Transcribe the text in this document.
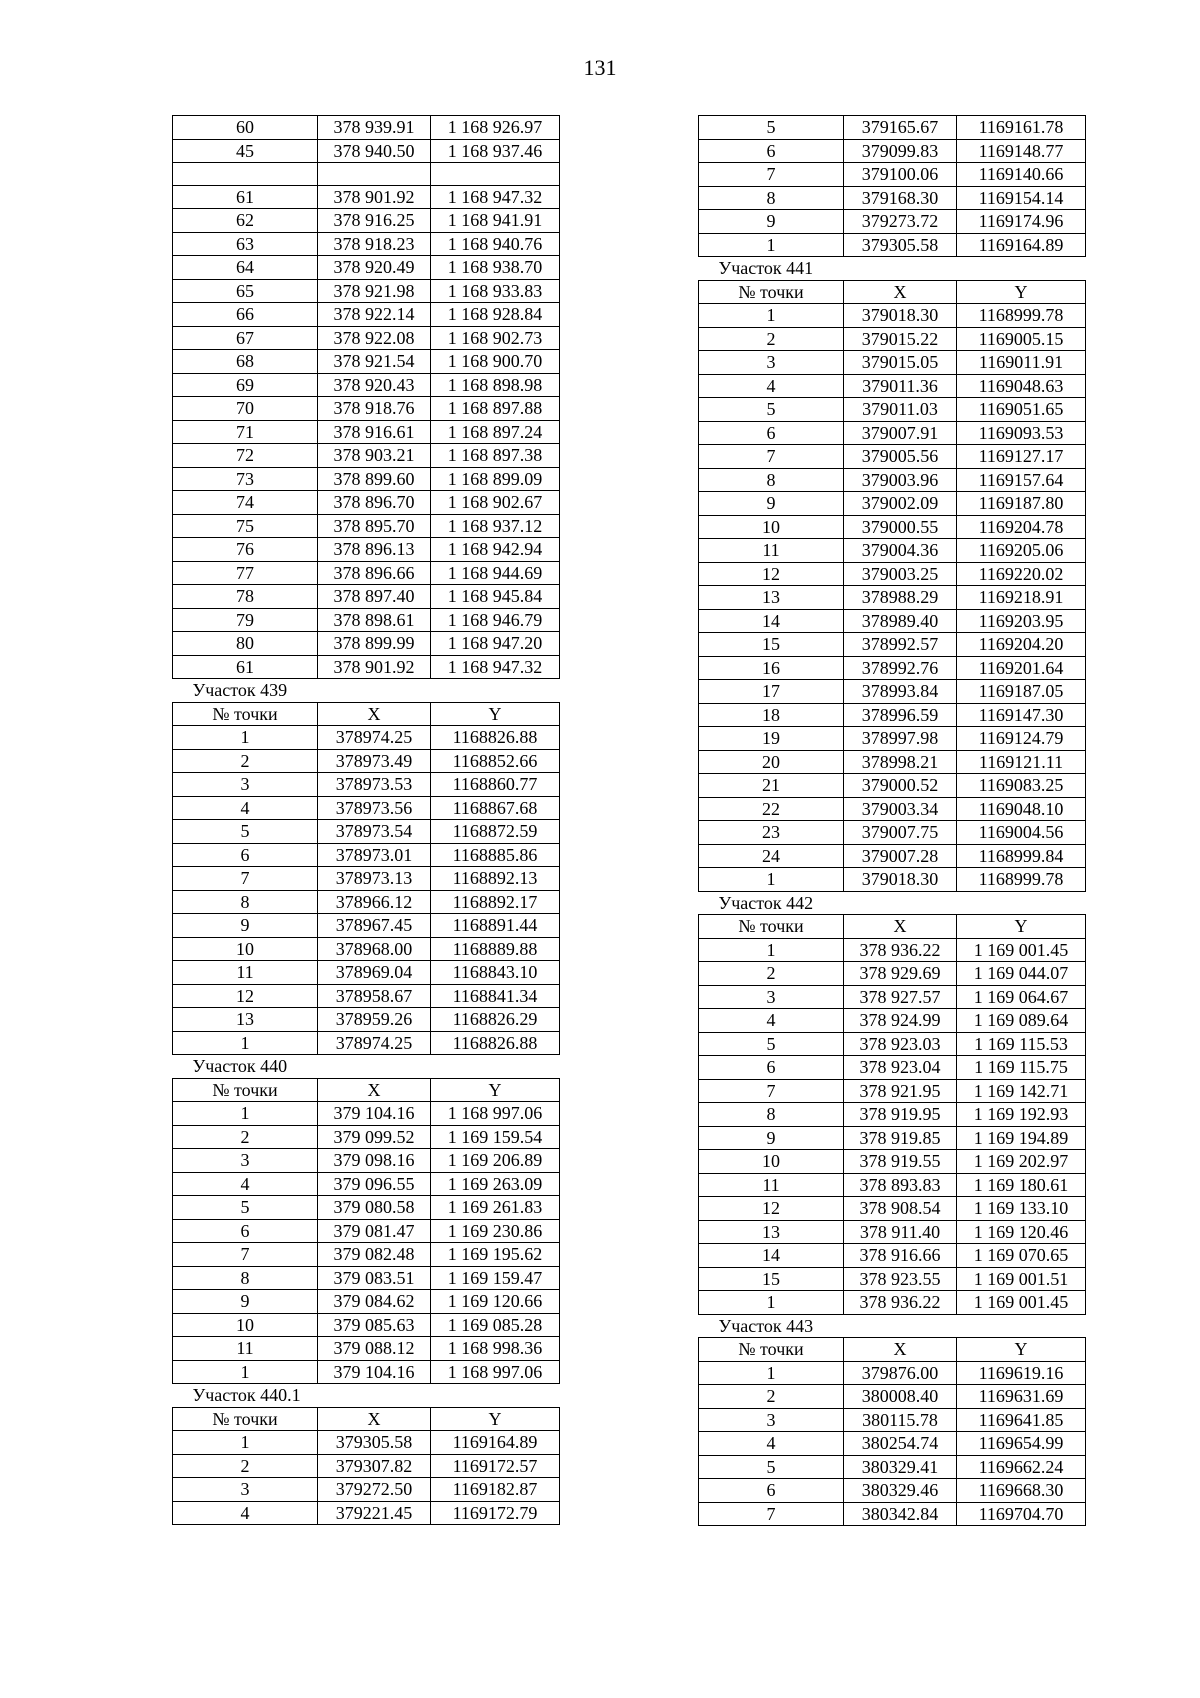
131
60	378 939.91	1 168 926.97
45	378 940.50	1 168 937.46

61	378 901.92	1 168 947.32
62	378 916.25	1 168 941.91
63	378 918.23	1 168 940.76
64	378 920.49	1 168 938.70
65	378 921.98	1 168 933.83
66	378 922.14	1 168 928.84
67	378 922.08	1 168 902.73
68	378 921.54	1 168 900.70
69	378 920.43	1 168 898.98
70	378 918.76	1 168 897.88
71	378 916.61	1 168 897.24
72	378 903.21	1 168 897.38
73	378 899.60	1 168 899.09
74	378 896.70	1 168 902.67
75	378 895.70	1 168 937.12
76	378 896.13	1 168 942.94
77	378 896.66	1 168 944.69
78	378 897.40	1 168 945.84
79	378 898.61	1 168 946.79
80	378 899.99	1 168 947.20
61	378 901.92	1 168 947.32
Участок 439		
№ точки	X	Y
1	378974.25	1168826.88
2	378973.49	1168852.66
3	378973.53	1168860.77
4	378973.56	1168867.68
5	378973.54	1168872.59
6	378973.01	1168885.86
7	378973.13	1168892.13
8	378966.12	1168892.17
9	378967.45	1168891.44
10	378968.00	1168889.88
11	378969.04	1168843.10
12	378958.67	1168841.34
13	378959.26	1168826.29
1	378974.25	1168826.88
Участок 440		
№ точки	X	Y
1	379 104.16	1 168 997.06
2	379 099.52	1 169 159.54
3	379 098.16	1 169 206.89
4	379 096.55	1 169 263.09
5	379 080.58	1 169 261.83
6	379 081.47	1 169 230.86
7	379 082.48	1 169 195.62
8	379 083.51	1 169 159.47
9	379 084.62	1 169 120.66
10	379 085.63	1 169 085.28
11	379 088.12	1 168 998.36
1	379 104.16	1 168 997.06
Участок 440.1		
№ точки	X	Y
1	379305.58	1169164.89
2	379307.82	1169172.57
3	379272.50	1169182.87
4	379221.45	1169172.79
5	379165.67	1169161.78
6	379099.83	1169148.77
7	379100.06	1169140.66
8	379168.30	1169154.14
9	379273.72	1169174.96
1	379305.58	1169164.89
Участок 441		
№ точки	X	Y
1	379018.30	1168999.78
2	379015.22	1169005.15
3	379015.05	1169011.91
4	379011.36	1169048.63
5	379011.03	1169051.65
6	379007.91	1169093.53
7	379005.56	1169127.17
8	379003.96	1169157.64
9	379002.09	1169187.80
10	379000.55	1169204.78
11	379004.36	1169205.06
12	379003.25	1169220.02
13	378988.29	1169218.91
14	378989.40	1169203.95
15	378992.57	1169204.20
16	378992.76	1169201.64
17	378993.84	1169187.05
18	378996.59	1169147.30
19	378997.98	1169124.79
20	378998.21	1169121.11
21	379000.52	1169083.25
22	379003.34	1169048.10
23	379007.75	1169004.56
24	379007.28	1168999.84
1	379018.30	1168999.78
Участок 442		
№ точки	X	Y
1	378 936.22	1 169 001.45
2	378 929.69	1 169 044.07
3	378 927.57	1 169 064.67
4	378 924.99	1 169 089.64
5	378 923.03	1 169 115.53
6	378 923.04	1 169 115.75
7	378 921.95	1 169 142.71
8	378 919.95	1 169 192.93
9	378 919.85	1 169 194.89
10	378 919.55	1 169 202.97
11	378 893.83	1 169 180.61
12	378 908.54	1 169 133.10
13	378 911.40	1 169 120.46
14	378 916.66	1 169 070.65
15	378 923.55	1 169 001.51
1	378 936.22	1 169 001.45
Участок 443		
№ точки	X	Y
1	379876.00	1169619.16
2	380008.40	1169631.69
3	380115.78	1169641.85
4	380254.74	1169654.99
5	380329.41	1169662.24
6	380329.46	1169668.30
7	380342.84	1169704.70
